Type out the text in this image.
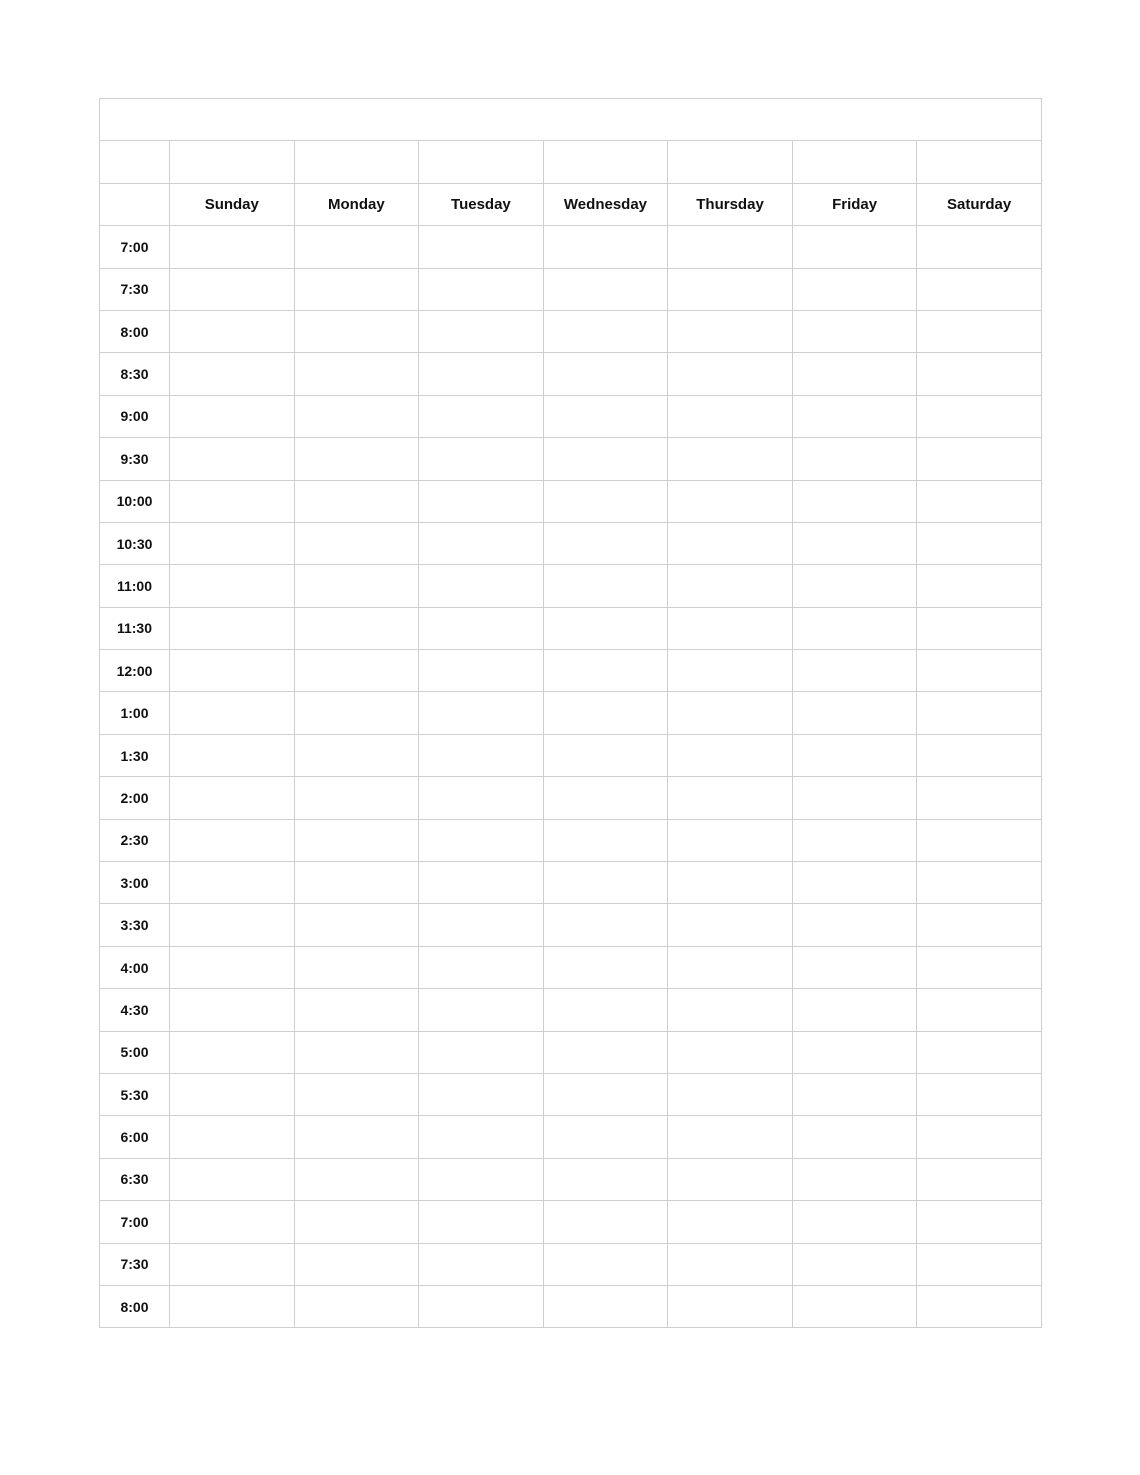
	Sunday	Monday	Tuesday	Wednesday	Thursday	Friday	Saturday
7:00							
7:30							
8:00							
8:30							
9:00							
9:30							
10:00							
10:30							
11:00							
11:30							
12:00							
1:00							
1:30							
2:00							
2:30							
3:00							
3:30							
4:00							
4:30							
5:00							
5:30							
6:00							
6:30							
7:00							
7:30							
8:00							
